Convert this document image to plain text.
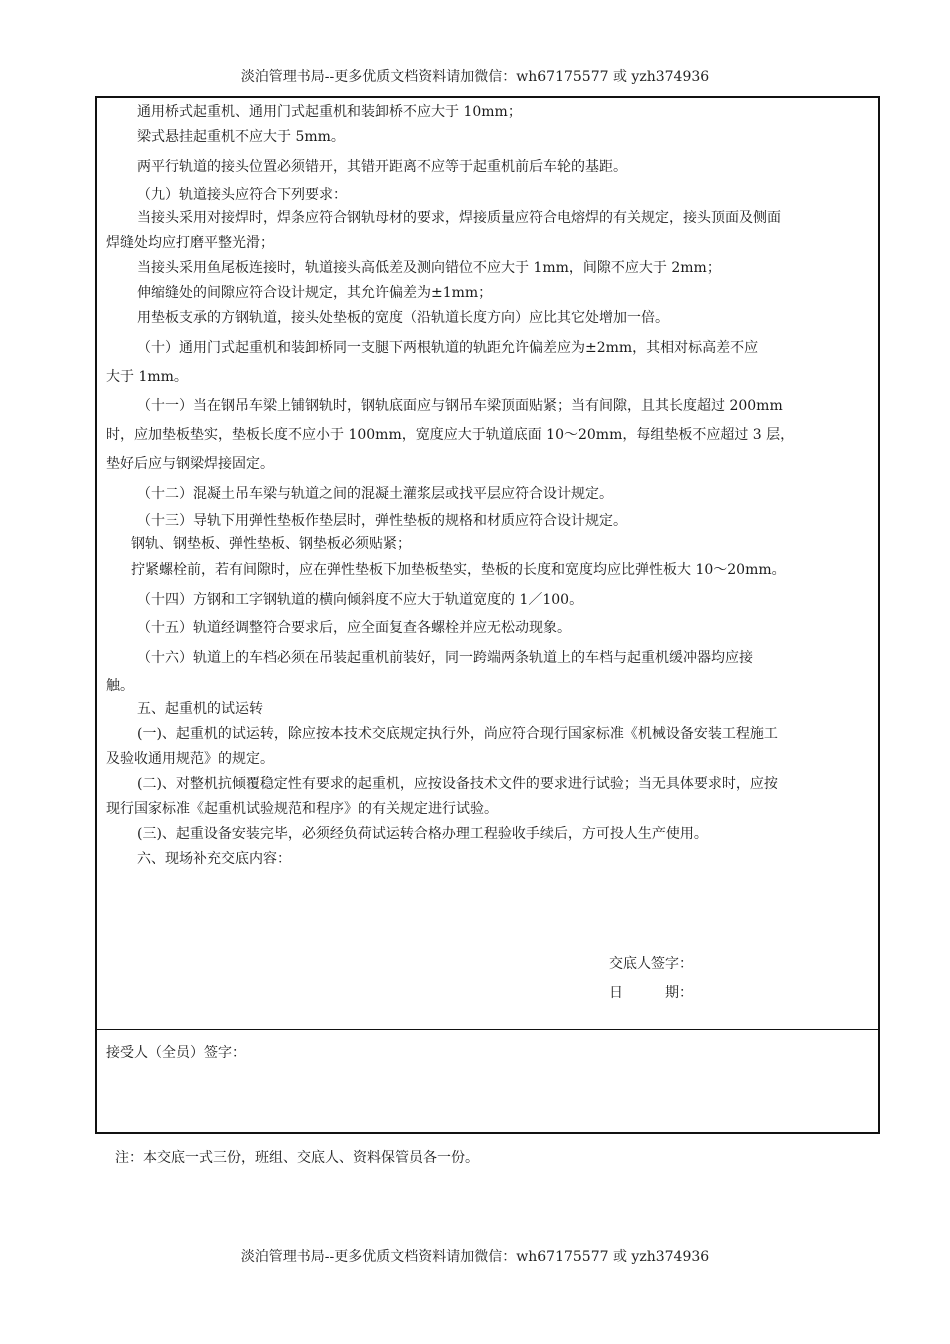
淡泊管理书局--更多优质文档资料请加微信：wh67175577 或 yzh374936
通用桥式起重机、通用门式起重机和装卸桥不应大于 10mm；
梁式悬挂起重机不应大于 5mm。
两平行轨道的接头位置必须错开，其错开距离不应等于起重机前后车轮的基距。
（九）轨道接头应符合下列要求：
当接头采用对接焊时，焊条应符合钢轨母材的要求，焊接质量应符合电熔焊的有关规定，接头顶面及侧面
焊缝处均应打磨平整光滑；
当接头采用鱼尾板连接时，轨道接头高低差及测向错位不应大于 1mm，间隙不应大于 2mm；
伸缩缝处的间隙应符合设计规定，其允许偏差为±1mm；
用垫板支承的方钢轨道，接头处垫板的宽度（沿轨道长度方向）应比其它处增加一倍。
（十）通用门式起重机和装卸桥同一支腿下两根轨道的轨距允许偏差应为±2mm，其相对标高差不应
大于 1mm。
（十一）当在钢吊车梁上铺钢轨时，钢轨底面应与钢吊车梁顶面贴紧；当有间隙，且其长度超过 200mm
时，应加垫板垫实，垫板长度不应小于 100mm，宽度应大于轨道底面 10～20mm，每组垫板不应超过 3 层，
垫好后应与钢梁焊接固定。
（十二）混凝土吊车梁与轨道之间的混凝土灌浆层或找平层应符合设计规定。
（十三）导轨下用弹性垫板作垫层时，弹性垫板的规格和材质应符合设计规定。
钢轨、钢垫板、弹性垫板、钢垫板必须贴紧；
拧紧螺栓前，若有间隙时，应在弹性垫板下加垫板垫实，垫板的长度和宽度均应比弹性板大 10～20mm。
（十四）方钢和工字钢轨道的横向倾斜度不应大于轨道宽度的 1／100。
（十五）轨道经调整符合要求后，应全面复查各螺栓并应无松动现象。
（十六）轨道上的车档必须在吊装起重机前装好，同一跨端两条轨道上的车档与起重机缓冲器均应接
触。
五、起重机的试运转
(一)、起重机的试运转，除应按本技术交底规定执行外，尚应符合现行国家标准《机械设备安装工程施工
及验收通用规范》的规定。
(二)、对整机抗倾覆稳定性有要求的起重机，应按设备技术文件的要求进行试验；当无具体要求时，应按
现行国家标准《起重机试验规范和程序》的有关规定进行试验。
(三)、起重设备安装完毕，必须经负荷试运转合格办理工程验收手续后，方可投人生产使用。
六、现场补充交底内容：
交底人签字：
日　　　期：
接受人（全员）签字：
注：本交底一式三份，班组、交底人、资料保管员各一份。
淡泊管理书局--更多优质文档资料请加微信：wh67175577 或 yzh374936
